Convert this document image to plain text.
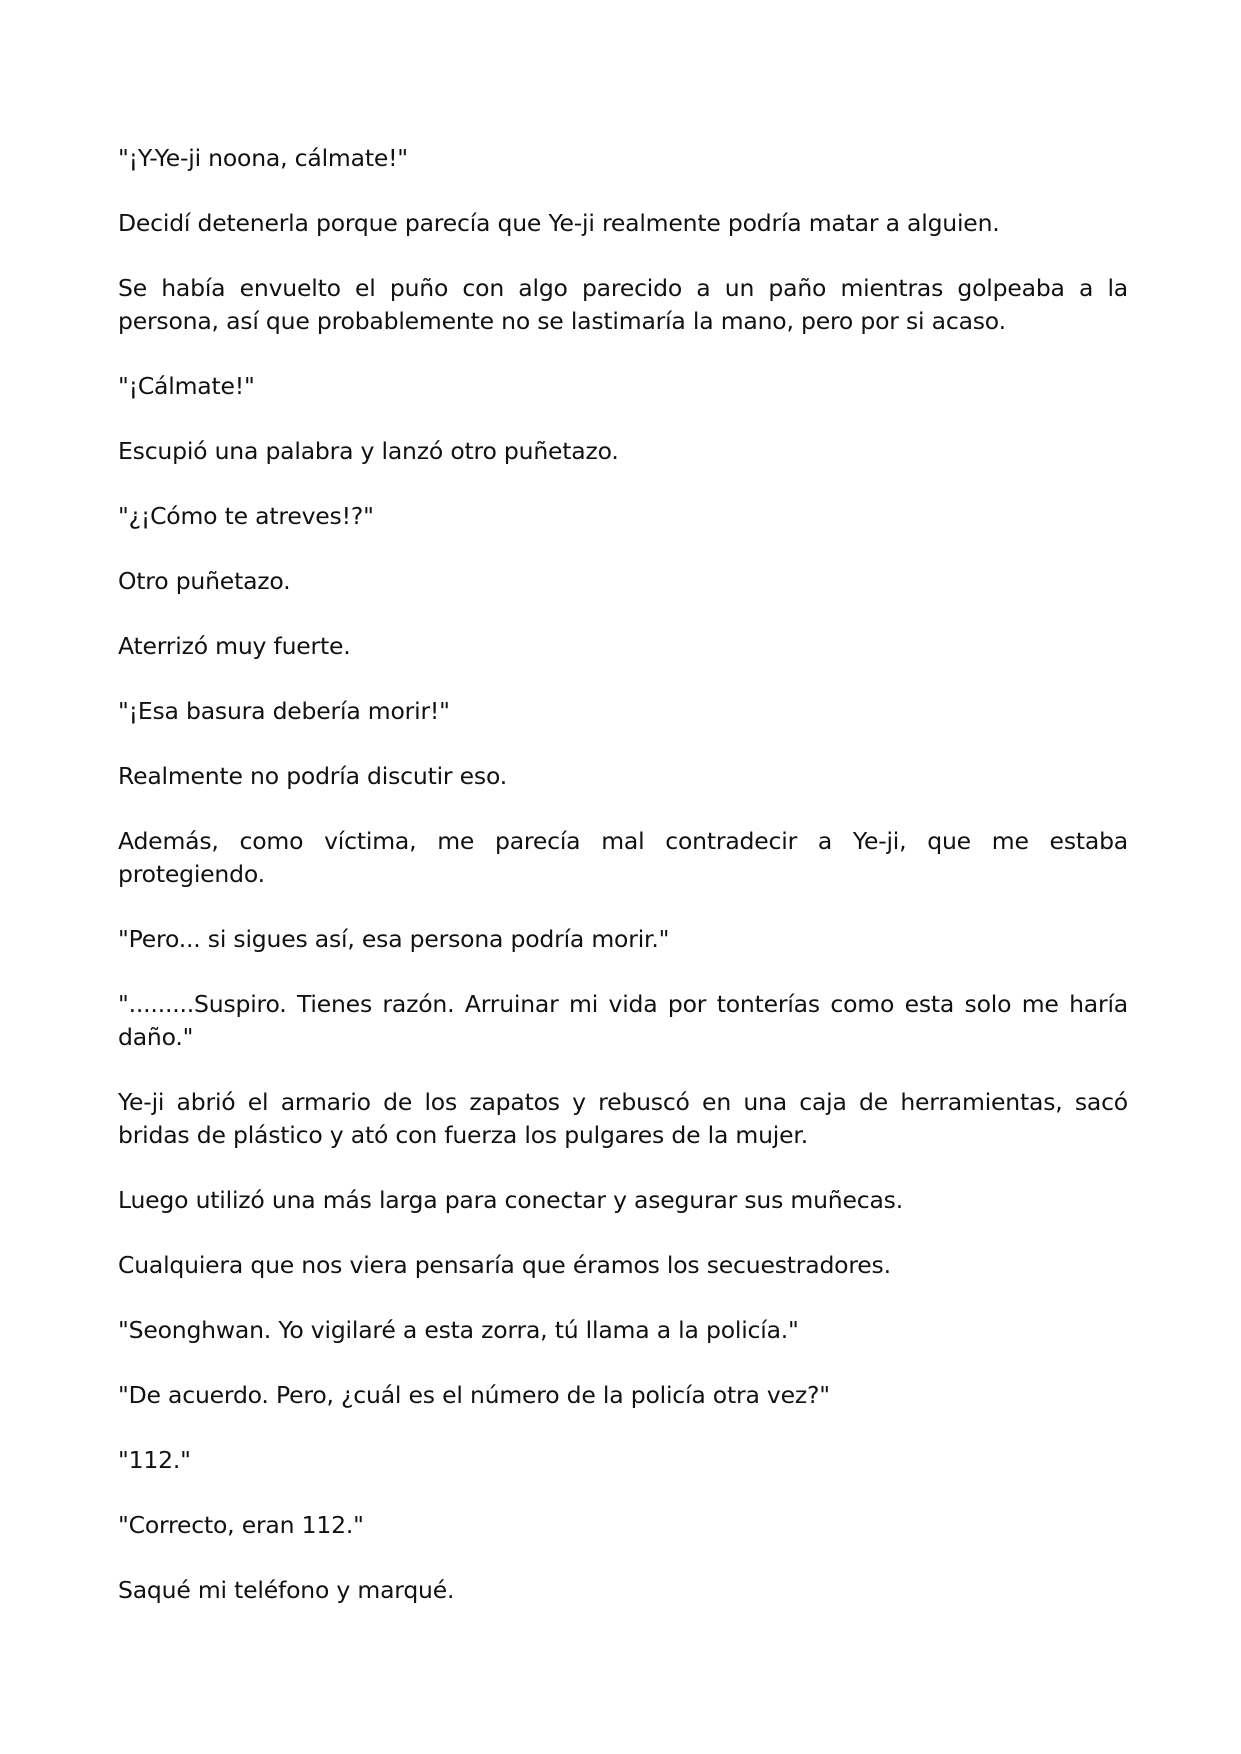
"¡Y-Ye-ji noona, cálmate!"

Decidí detenerla porque parecía que Ye-ji realmente podría matar a alguien.

Se había envuelto el puño con algo parecido a un paño mientras golpeaba a la persona, así que probablemente no se lastimaría la mano, pero por si acaso.

"¡Cálmate!"

Escupió una palabra y lanzó otro puñetazo.

"¿¡Cómo te atreves!?"

Otro puñetazo.

Aterrizó muy fuerte.

"¡Esa basura debería morir!"

Realmente no podría discutir eso.

Además, como víctima, me parecía mal contradecir a Ye-ji, que me estaba protegiendo.

"Pero... si sigues así, esa persona podría morir."

".........Suspiro. Tienes razón. Arruinar mi vida por tonterías como esta solo me haría daño."

Ye-ji abrió el armario de los zapatos y rebuscó en una caja de herramientas, sacó bridas de plástico y ató con fuerza los pulgares de la mujer.

Luego utilizó una más larga para conectar y asegurar sus muñecas.

Cualquiera que nos viera pensaría que éramos los secuestradores.

"Seonghwan. Yo vigilaré a esta zorra, tú llama a la policía."

"De acuerdo. Pero, ¿cuál es el número de la policía otra vez?"

"112."

"Correcto, eran 112."

Saqué mi teléfono y marqué.
